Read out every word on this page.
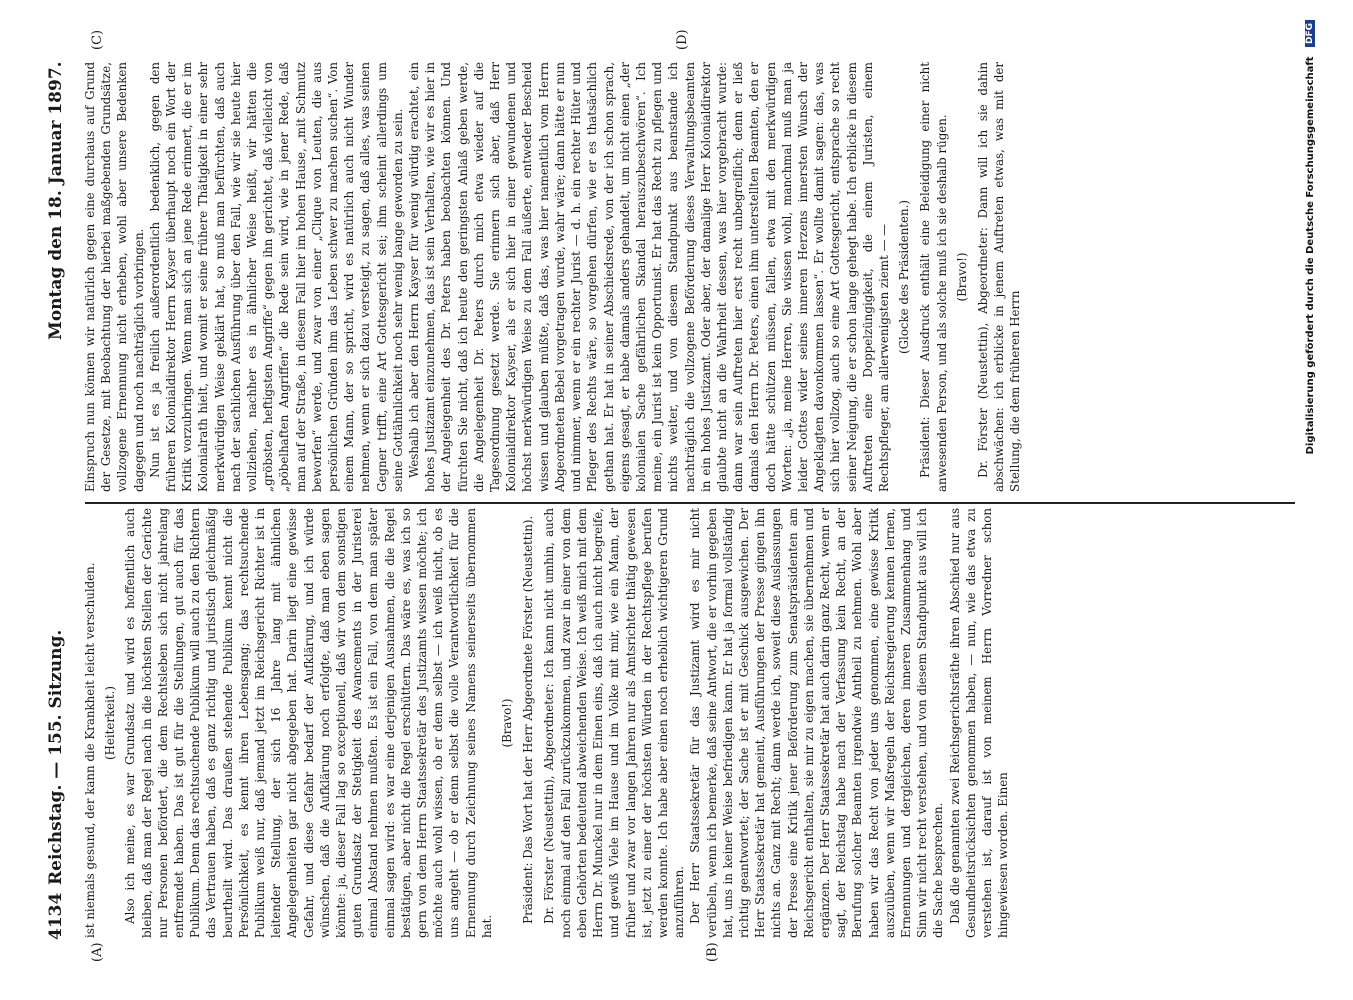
4134
Reichstag. — 155. Sitzung.
Montag den 18. Januar 1897.
(A)	(B)
(C)	(D)

ist niemals gesund, der kann die Krankheit leicht verschulden. (Heiterkeit.) Also ich meine, es war Grundsatz und wird es hoffentlich auch bleiben, daß man der Regel nach in die höchsten Stellen der Gerichte nur Personen befördert, die dem Rechtsleben sich nicht jahrelang entfremdet haben. Das ist gut für die Stellungen, gut auch für das Publikum. Denn das rechtsuchende Publikum will auch zu den Richtern das Vertrauen haben, daß es ganz richtig und juristisch gleichmäßig beurtheilt wird. Das draußen stehende Publikum kennt nicht die Persönlichkeit, es kennt ihren Lebensgang; das rechtsuchende Publikum weiß nur, daß jemand jetzt im Reichsgericht Richter ist in leitender Stellung, der sich 16 Jahre lang mit ähnlichen Angelegenheiten gar nicht abgegeben hat. Darin liegt eine gewisse Gefahr, und diese Gefahr bedarf der Aufklärung, und ich würde wünschen, daß die Aufklärung noch erfolgte, daß man eben sagen könnte: ja, dieser Fall lag so exceptionell, daß wir von dem sonstigen guten Grundsatz der Stetigkeit des Avancements in der Juristerei einmal Abstand nehmen mußten. Es ist ein Fall, von dem man später einmal sagen wird: es war eine derjenigen Ausnahmen, die die Regel bestätigen, aber nicht die Regel erschüttern. Das wäre es, was ich so gern von dem Herrn Staatssekretär des Justizamts wissen möchte; ich möchte auch wohl wissen, ob er denn selbst — ich weiß nicht, ob es uns angeht — ob er denn selbst die volle Verantwortlichkeit für die Ernennung durch Zeichnung seines Namens seinerseits übernommen hat.

(Bravo!) Präsident: Das Wort hat der Herr Abgeordnete Förster (Neustettin). Dr. Förster (Neustettin), Abgeordneter: Ich kann nicht umhin, auch noch einmal auf den Fall zurückzukommen, und zwar in einer von dem eben Gehörten bedeutend abweichenden Weise. Ich weiß mich mit dem Herrn Dr. Munckel nur in dem Einen eins, daß ich auch nicht begreife, und gewiß Viele im Hause und im Volke mit mir, wie ein Mann, der früher und zwar vor langen Jahren nur als Amtsrichter thätig gewesen ist, jetzt zu einer der höchsten Würden in der Rechtspflege berufen werden konnte. Ich habe aber einen noch erheblich wichtigeren Grund anzuführen. Der Herr Staatssekretär für das Justizamt wird es mir nicht verübeln, wenn ich bemerke, daß seine Antwort, die er vorhin gegeben hat, uns in keiner Weise befriedigen kann. Er hat ja formal vollständig richtig geantwortet; der Sache ist er mit Geschick ausgewichen. Der Herr Staatssekretär hat gemeint, Ausführungen der Presse gingen ihn nichts an. Ganz mit Recht; dann werde ich, soweit diese Auslassungen der Presse eine Kritik jener Beförderung zum Senatspräsidenten am Reichsgericht enthalten, sie mir zu eigen machen, sie übernehmen und ergänzen. Der Herr Staatssekretär hat auch darin ganz Recht, wenn er sagt, der Reichstag habe nach der Verfassung kein Recht, an der Berufung solcher Beamten irgendwie Antheil zu nehmen. Wohl aber haben wir das Recht von jeder uns genommen, eine gewisse Kritik auszuüben, wenn wir Maßregeln der Reichsregierung kennen lernen, Ernennungen und dergleichen, deren inneren Zusammenhang und Sinn wir nicht recht verstehen, und von diesem Standpunkt aus will ich die Sache besprechen. Daß die genannten zwei Reichsgerichtsräthe ihren Abschied nur aus Gesundheitsrücksichten genommen haben, — nun, wie das etwa zu verstehen ist, darauf ist von meinem Herrn Vorredner schon hingewiesen worden. Einen

Einspruch nun können wir natürlich gegen eine durchaus auf Grund der Gesetze, mit Beobachtung der hierbei maßgebenden Grundsätze, vollzogene Ernennung nicht erheben, wohl aber unsere Bedenken dagegen und noch nachträglich vorbringen. Nun ist es ja freilich außerordentlich bedenklich, gegen den früheren Kolonialdirektor Herrn Kayser überhaupt noch ein Wort der Kritik vorzubringen. Wenn man sich an jene Rede erinnert, die er im Kolonialrath hielt, und womit er seine frühere Thätigkeit in einer sehr merkwürdigen Weise geklärt hat, so muß man befürchten, daß auch nach der sachlichen Ausführung über den Fall, wie wir sie heute hier vollziehen, nachher es in ähnlicher Weise heißt, wir hätten die „gröbsten, heftigsten Angriffe“ gegen ihn gerichtet, daß vielleicht von „pöbelhaften Angriffen“ die Rede sein wird, wie in jener Rede, daß man auf der Straße, in diesem Fall hier im hohen Hause, „mit Schmutz beworfen“ werde, und zwar von einer „Clique von Leuten, die aus persönlichen Gründen ihm das Leben schwer zu machen suchen“. Von einem Mann, der so spricht, wird es natürlich auch nicht Wunder nehmen, wenn er sich dazu versteigt, zu sagen, daß alles, was seinen Gegner trifft, eine Art Gottesgericht sei; ihm scheint allerdings um seine Gottähnlichkeit noch sehr wenig bange geworden zu sein. Weshalb ich aber den Herrn Kayser für wenig würdig erachtet, ein hohes Justizamt einzunehmen, das ist sein Verhalten, wie wir es hier in der Angelegenheit des Dr. Peters haben beobachten können. Und fürchten Sie nicht, daß ich heute den geringsten Anlaß geben werde, die Angelegenheit Dr. Peters durch mich etwa wieder auf die Tagesordnung gesetzt werde. Sie erinnern sich aber, daß Herr Kolonialdirektor Kayser, als er sich hier in einer gewundenen und höchst merkwürdigen Weise zu dem Fall äußerte, entweder Bescheid wissen und glauben müßte, daß das, was hier namentlich vom Herrn Abgeordneten Bebel vorgetragen wurde, wahr wäre; dann hätte er nun und nimmer, wenn er ein rechter Jurist — d. h. ein rechter Hüter und Pfleger des Rechts wäre, so vorgehen dürfen, wie er es thatsächlich gethan hat. Er hat in seiner Abschiedsrede, von der ich schon sprach, eigens gesagt, er habe damals anders gehandelt, um nicht einen „der kolonialen Sache gefährlichen Skandal herauszubeschwören“. Ich meine, ein Jurist ist kein Opportunist. Er hat das Recht zu pflegen und nichts weiter, und von diesem Standpunkt aus beanstande ich nachträglich die vollzogene Beförderung dieses Verwaltungsbeamten in ein hohes Justizamt. Oder aber, der damalige Herr Kolonialdirektor glaubte nicht an die Wahrheit dessen, was hier vorgebracht wurde: dann war sein Auftreten hier erst recht unbegreiflich; denn er ließ damals den Herrn Dr. Peters, einen ihm unterstellten Beamten, den er doch hätte schützen müssen, fallen, etwa mit den merkwürdigen Worten: „ja, meine Herren, Sie wissen wohl, manchmal muß man ja leider Gottes wider seines inneren Herzens innersten Wunsch der Angeklagten davonkommen lassen“. Er wollte damit sagen: das, was sich hier vollzog, auch so eine Art Gottesgericht, entsprache so recht seiner Neigung, die er schon lange gehegt habe. Ich erblicke in diesem Auftreten eine Doppelzüngigkeit, die einem Juristen, einem Rechtspfleger, am allerwenigsten ziemt — — (Glocke des Präsidenten.) Präsident: Dieser Ausdruck enthält eine Beleidigung einer nicht anwesenden Person, und als solche muß ich sie deshalb rügen. (Bravo!) Dr. Förster (Neustettin), Abgeordneter: Dann will ich sie dahin abschwächen: ich erblicke in jenem Auftreten etwas, was mit der Stellung, die dem früheren Herrn	Digitalisierung gefördert durch die Deutsche Forschungsgemeinschaft DFG
